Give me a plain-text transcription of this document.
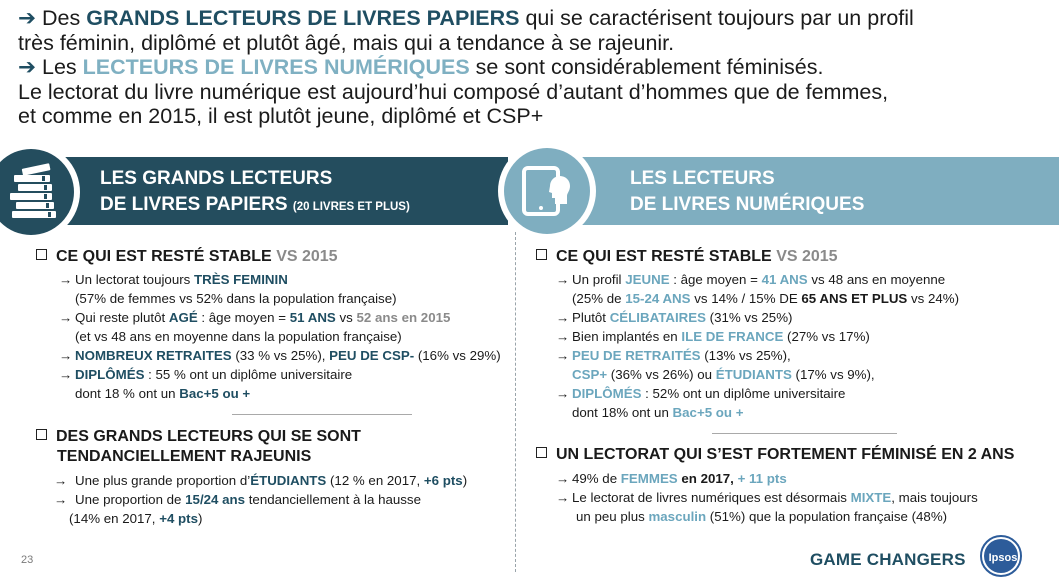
➔ Des GRANDS LECTEURS DE LIVRES PAPIERS qui se caractérisent toujours par un profil
très féminin, diplômé et plutôt âgé, mais qui a tendance à se rajeunir.
➔ Les LECTEURS DE LIVRES NUMÉRIQUES se sont considérablement féminisés.
Le lectorat du livre numérique est aujourd’hui composé d’autant d’hommes que de femmes,
et comme en 2015, il est plutôt jeune, diplômé et CSP+
LES GRANDS LECTEURS
DE LIVRES PAPIERS (20 LIVRES ET PLUS)
LES LECTEURS
DE LIVRES NUMÉRIQUES
CE QUI EST RESTÉ STABLE VS 2015
→ Un lectorat toujours TRÈS FEMININ
(57% de femmes vs 52% dans la population française)
→ Qui reste plutôt AGÉ : âge moyen = 51 ANS vs 52 ans en 2015
(et vs 48 ans en moyenne dans la population française)
→ NOMBREUX RETRAITES (33 % vs 25%), PEU DE CSP- (16% vs 29%)
→ DIPLÔMÉS : 55 % ont un diplôme universitaire
dont 18 % ont un Bac+5 ou +
DES GRANDS LECTEURS QUI SE SONT
TENDANCIELLEMENT RAJEUNIS
→ Une plus grande proportion d’ÉTUDIANTS (12 % en 2017, +6 pts)
→ Une proportion de 15/24 ans tendanciellement à la hausse
(14% en 2017, +4 pts)
CE QUI EST RESTÉ STABLE VS 2015
→ Un profil JEUNE : âge moyen = 41 ANS vs 48 ans en moyenne
(25% de 15-24 ANS vs 14% / 15% DE 65 ANS ET PLUS vs 24%)
→ Plutôt CÉLIBATAIRES (31% vs 25%)
→ Bien implantés en ILE DE FRANCE (27% vs 17%)
→ PEU DE RETRAITÉS (13% vs 25%),
CSP+ (36% vs 26%) ou ÉTUDIANTS (17% vs 9%),
→ DIPLÔMÉS : 52% ont un diplôme universitaire
dont 18% ont un Bac+5 ou +
UN LECTORAT QUI S’EST FORTEMENT FÉMINISÉ EN 2 ANS
→ 49% de FEMMES en 2017, + 11 pts
→ Le lectorat de livres numériques est désormais MIXTE, mais toujours
un peu plus masculin (51%) que la population française (48%)
23	GAME CHANGERS	Ipsos
